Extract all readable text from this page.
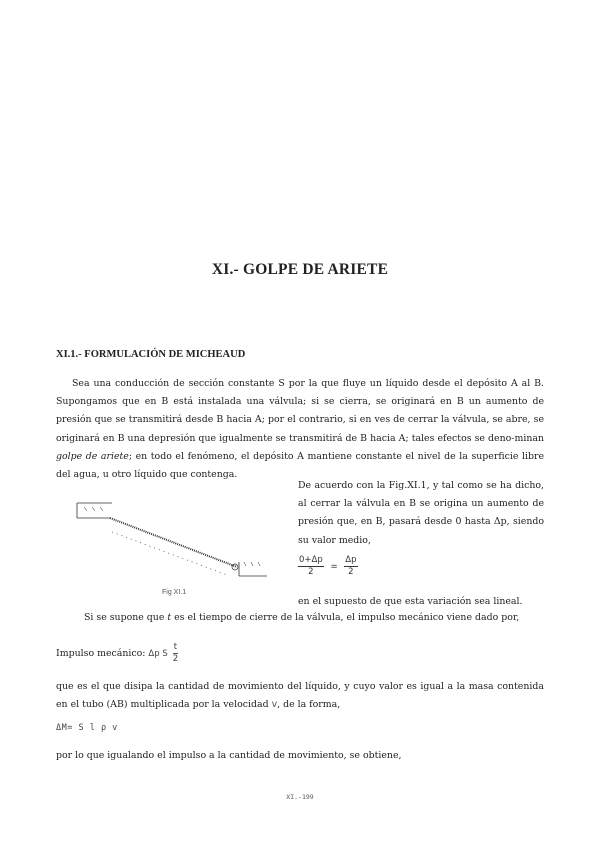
XI.- GOLPE DE ARIETE
XI.1.- FORMULACIÓN DE MICHEAUD
Sea una conducción de sección constante S por la que fluye un líquido desde el depósito A al B. Supongamos que en B está instalada una válvula; si se cierra, se originará en B un aumento de presión que se transmitirá desde B hacia A; por el contrario, si en ves de cerrar la válvula, se abre, se originará en B una depresión que igualmente se transmitirá de B hacia A; tales efectos se deno-minan golpe de ariete; en todo el fenómeno, el depósito A mantiene constante el nivel de la superficie libre del agua, u otro líquido que contenga.
Fig XI.1
De acuerdo con la Fig.XI.1, y tal como se ha dicho, al cerrar la válvula en B se origina un aumento de presión que, en B, pasará desde 0 hasta Δp, siendo su valor medio,
$\frac{0+\Delta p}{2} = \frac{\Delta p}{2}$
en el supuesto de que esta variación sea lineal.
Si se supone que t es el tiempo de cierre de la válvula, el impulso mecánico viene dado por,
Impulso mecánico: Δp S $\frac{t}{2}$
que es el que disipa la cantidad de movimiento del líquido, y cuyo valor es igual a la masa contenida en el tubo (AB) multiplicada por la velocidad v, de la forma,
ΔM= S l ρ v
por lo que igualando el impulso a la cantidad de movimiento, se obtiene,
XI.-199
